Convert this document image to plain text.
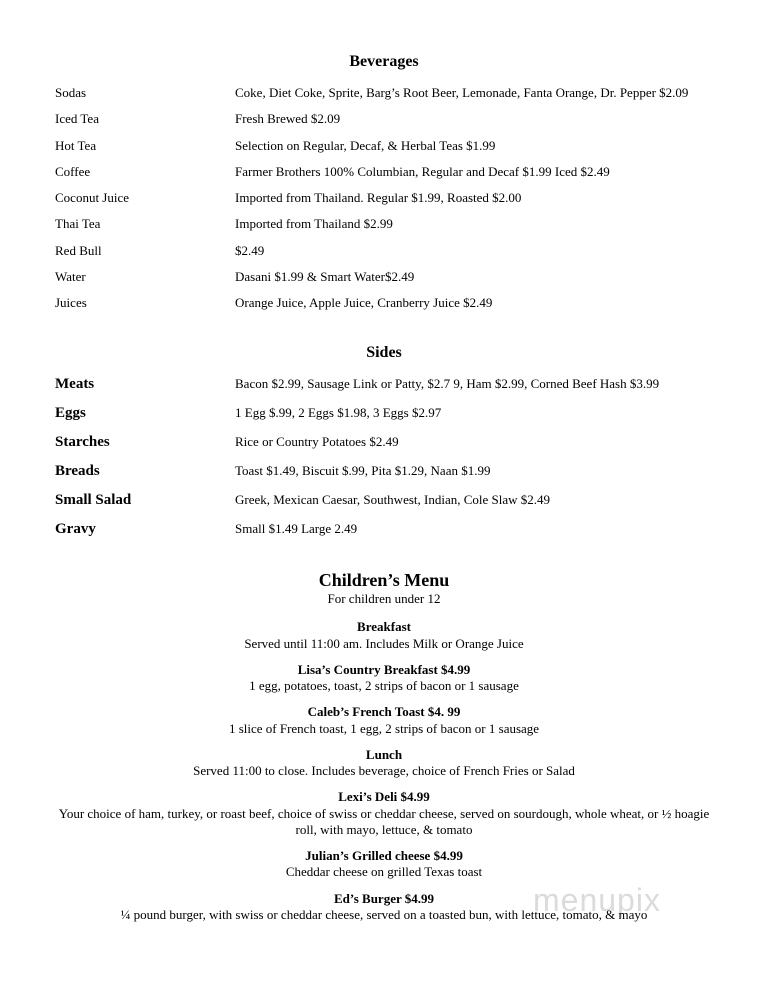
menupix
Beverages
Sodas	Coke, Diet Coke, Sprite, Barg’s Root Beer, Lemonade, Fanta Orange, Dr. Pepper $2.09
Iced Tea	Fresh Brewed $2.09
Hot Tea	Selection on Regular, Decaf, & Herbal Teas $1.99
Coffee	Farmer Brothers 100% Columbian, Regular and Decaf $1.99 Iced $2.49
Coconut Juice	Imported from Thailand. Regular $1.99, Roasted $2.00
Thai Tea	Imported from Thailand $2.99
Red Bull	$2.49
Water	Dasani $1.99 & Smart Water$2.49
Juices	Orange Juice, Apple Juice, Cranberry Juice $2.49
Sides
Meats	Bacon $2.99, Sausage Link or Patty, $2.7 9, Ham $2.99, Corned Beef Hash $3.99
Eggs	1 Egg $.99, 2 Eggs $1.98, 3 Eggs $2.97
Starches	Rice or Country Potatoes $2.49
Breads	Toast $1.49, Biscuit $.99, Pita $1.29, Naan $1.99
Small Salad	Greek, Mexican Caesar, Southwest, Indian, Cole Slaw $2.49
Gravy	Small $1.49 Large 2.49
Children’s Menu
For children under 12
Breakfast
Served until 11:00 am. Includes Milk or Orange Juice
Lisa’s Country Breakfast $4.99
1 egg, potatoes, toast, 2 strips of bacon or 1 sausage
Caleb’s French Toast $4. 99
1 slice of French toast, 1 egg, 2 strips of bacon or 1 sausage
Lunch
Served 11:00 to close. Includes beverage, choice of French Fries or Salad
Lexi’s Deli $4.99
Your choice of ham, turkey, or roast beef, choice of swiss or cheddar cheese, served on sourdough, whole wheat, or ½ hoagie roll, with mayo, lettuce, & tomato
Julian’s Grilled cheese $4.99
Cheddar cheese on grilled Texas toast
Ed’s Burger $4.99
¼ pound burger, with swiss or cheddar cheese, served on a toasted bun, with lettuce, tomato, & mayo
